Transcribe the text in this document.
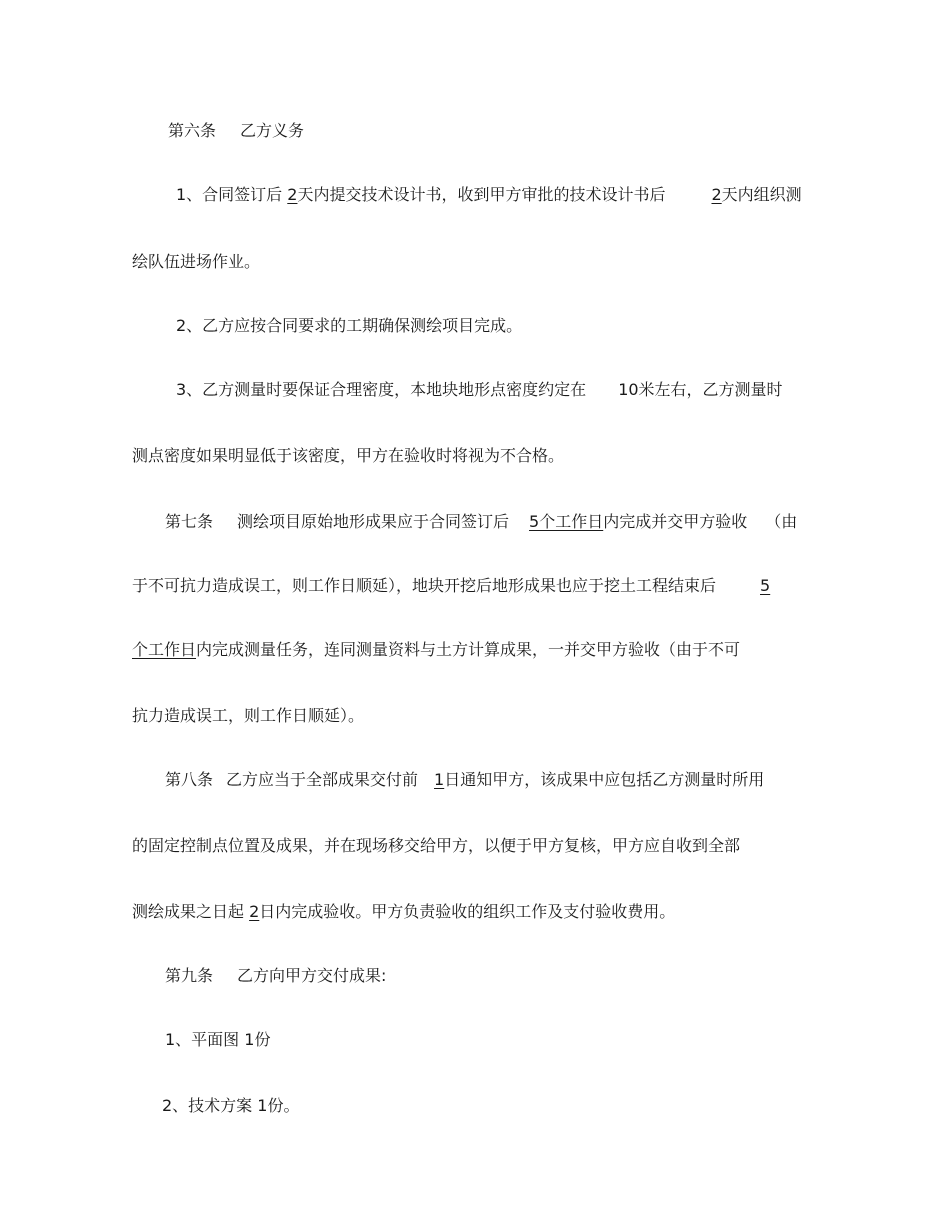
第六条 乙方义务
1、合同签订后 2天内提交技术设计书，收到甲方审批的技术设计书后	2天内组织测
绘队伍进场作业。
2、乙方应按合同要求的工期确保测绘项目完成。
3、乙方测量时要保证合理密度，本地块地形点密度约定在 10米左右，乙方测量时
测点密度如果明显低于该密度，甲方在验收时将视为不合格。
第七条 测绘项目原始地形成果应于合同签订后 5个工作日内完成并交甲方验收 （由
于不可抗力造成误工，则工作日顺延），地块开挖后地形成果也应于挖土工程结束后	5
个工作日内完成测量任务，连同测量资料与土方计算成果，一并交甲方验收（由于不可
抗力造成误工，则工作日顺延）。
第八条 乙方应当于全部成果交付前 1日通知甲方，该成果中应包括乙方测量时所用
的固定控制点位置及成果，并在现场移交给甲方，以便于甲方复核，甲方应自收到全部
测绘成果之日起 2日内完成验收。甲方负责验收的组织工作及支付验收费用。
第九条 乙方向甲方交付成果:
1、平面图 1份
2、技术方案 1份。
